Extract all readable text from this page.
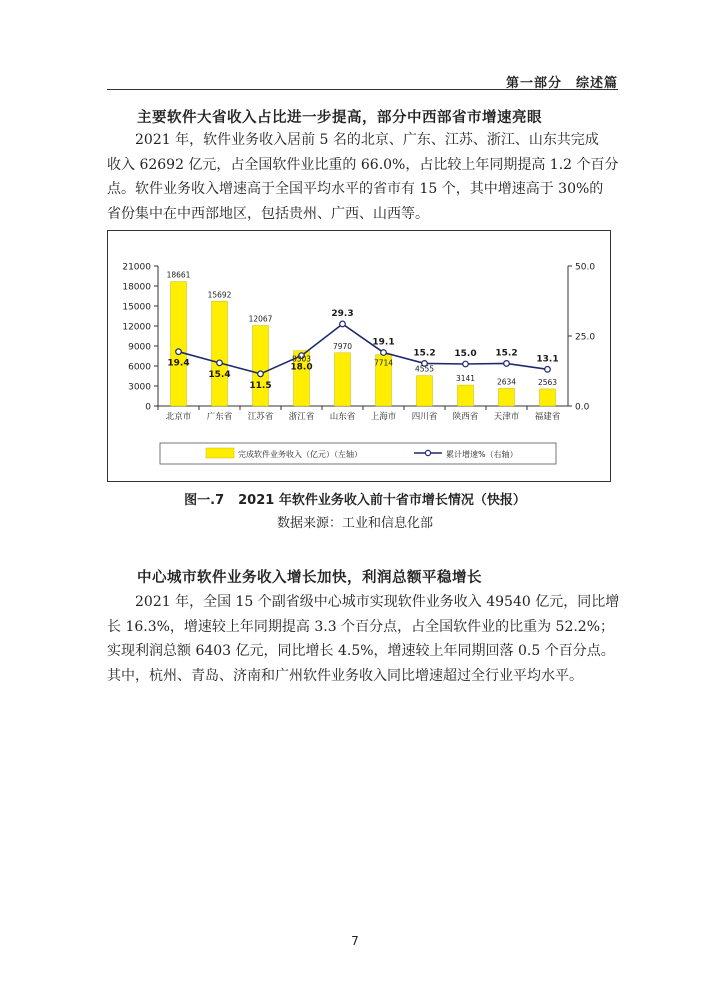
第一部分　综述篇
主要软件大省收入占比进一步提高，部分中西部省市增速亮眼
2021 年，软件业务收入居前 5 名的北京、广东、江苏、浙江、山东共完成
收入 62692 亿元，占全国软件业比重的 66.0%，占比较上年同期提高 1.2 个百分
点。软件业务收入增速高于全国平均水平的省市有 15 个，其中增速高于 30%的
省份集中在中西部地区，包括贵州、广西、山西等。
0
3000
6000
9000
12000
15000
18000
21000
0.0
25.0
50.0
北京市 广东省 江苏省 浙江省 山东省 上海市 四川省 陕西省 天津市 福建省
18661
15692
12067
8303
7970
7714
4555
3141	2634	2563
19.4
15.4
11.5
18.0
29.3
19.1
15.2 15.0 15.2
13.1
完成软件业务收入（亿元）（左轴）	累计增速%（右轴）
图一.7 2021 年软件业务收入前十省市增长情况（快报）
数据来源：工业和信息化部
中心城市软件业务收入增长加快，利润总额平稳增长
2021 年，全国 15 个副省级中心城市实现软件业务收入 49540 亿元，同比增
长 16.3%，增速较上年同期提高 3.3 个百分点，占全国软件业的比重为 52.2%；
实现利润总额 6403 亿元，同比增长 4.5%，增速较上年同期回落 0.5 个百分点。
其中，杭州、青岛、济南和广州软件业务收入同比增速超过全行业平均水平。
7
